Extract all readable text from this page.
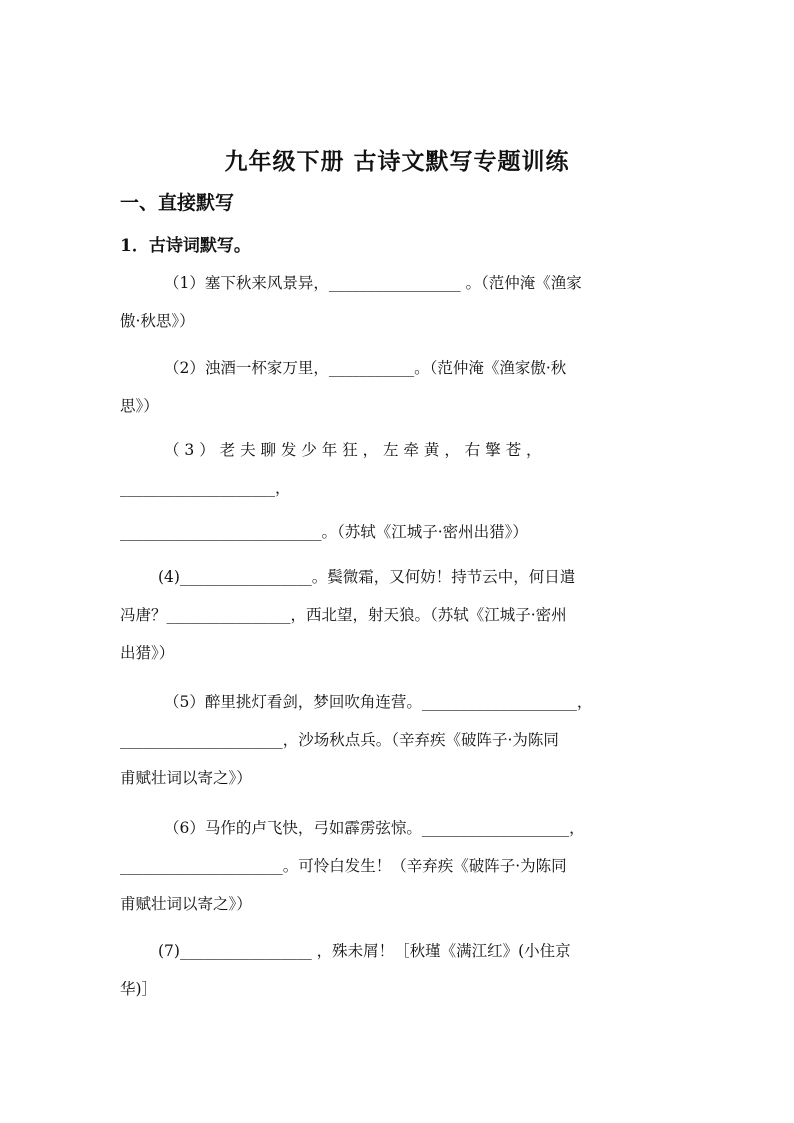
九年级下册 古诗文默写专题训练
一、直接默写
1．古诗词默写。
（1）塞下秋来风景异，_________________ 。（范仲淹《渔家
傲·秋思》）
（2）浊酒一杯家万里，___________。（范仲淹《渔家傲·秋
思》）
（ 3 ） 老 夫 聊 发 少 年 狂 ， 左 牵 黄 ， 右 擎 苍 ，
____________________，
__________________________。（苏轼《江城子·密州出猎》）
(4)_________________。鬓微霜，又何妨！持节云中，何日遣
冯唐？________________，西北望，射天狼。（苏轼《江城子·密州
出猎》）
（5）醉里挑灯看剑，梦回吹角连营。____________________，
_____________________，沙场秋点兵。（辛弃疾《破阵子·为陈同
甫赋壮词以寄之》）
（6）马作的卢飞快，弓如霹雳弦惊。___________________，
_____________________。可怜白发生！（辛弃疾《破阵子·为陈同
甫赋壮词以寄之》）
(7)_________________ ，殊未屑！［秋瑾《满江红》(小住京
华)］
